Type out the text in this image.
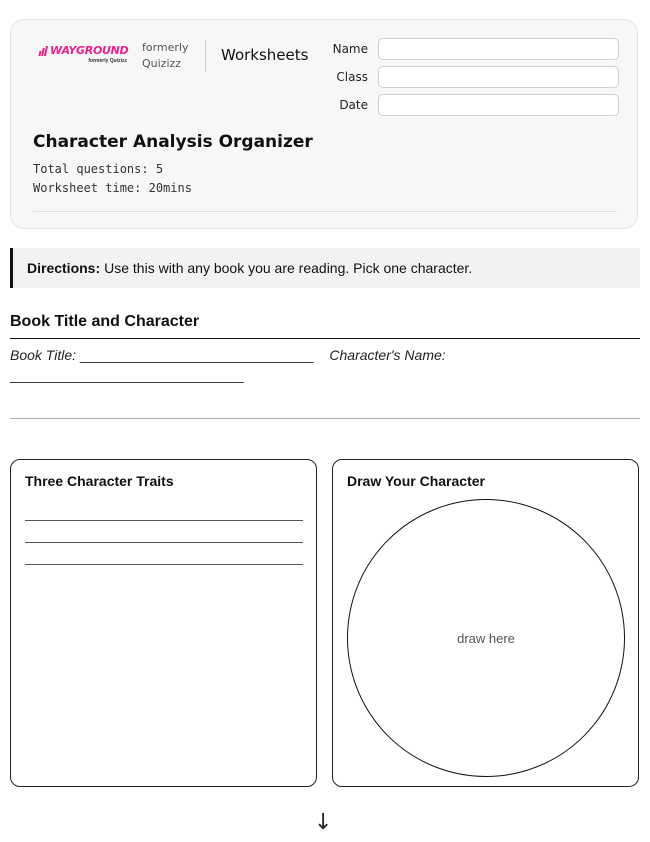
WAYGROUND
formerly Quizizz
formerly
Quizizz	Worksheets	Name
Class
Date
Character Analysis Organizer
Total questions: 5
Worksheet time: 20mins
Directions: Use this with any book you are reading. Pick one character.
Book Title and Character
Book Title: ______________________________ Character's Name:
______________________________
Three Character Traits	Draw Your Character
draw here
↓
